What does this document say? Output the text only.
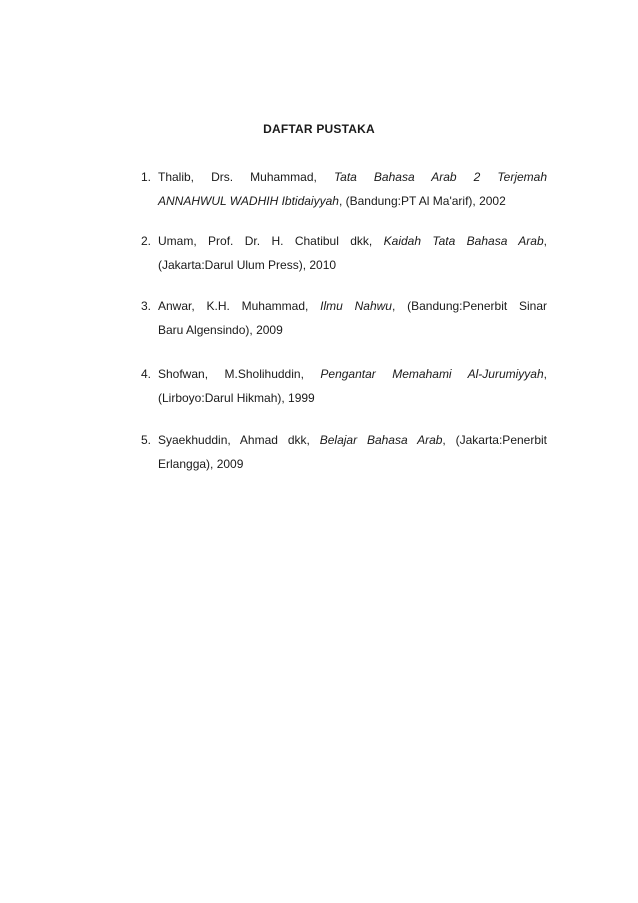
DAFTAR PUSTAKA
1. Thalib, Drs. Muhammad, Tata Bahasa Arab 2 Terjemah
ANNAHWUL WADHIH Ibtidaiyyah, (Bandung:PT Al Ma'arif), 2002
2. Umam, Prof. Dr. H. Chatibul dkk, Kaidah Tata Bahasa Arab,
(Jakarta:Darul Ulum Press), 2010
3. Anwar, K.H. Muhammad, Ilmu Nahwu, (Bandung:Penerbit Sinar
Baru Algensindo), 2009
4. Shofwan, M.Sholihuddin, Pengantar Memahami Al-Jurumiyyah,
(Lirboyo:Darul Hikmah), 1999
5. Syaekhuddin, Ahmad dkk, Belajar Bahasa Arab, (Jakarta:Penerbit
Erlangga), 2009
